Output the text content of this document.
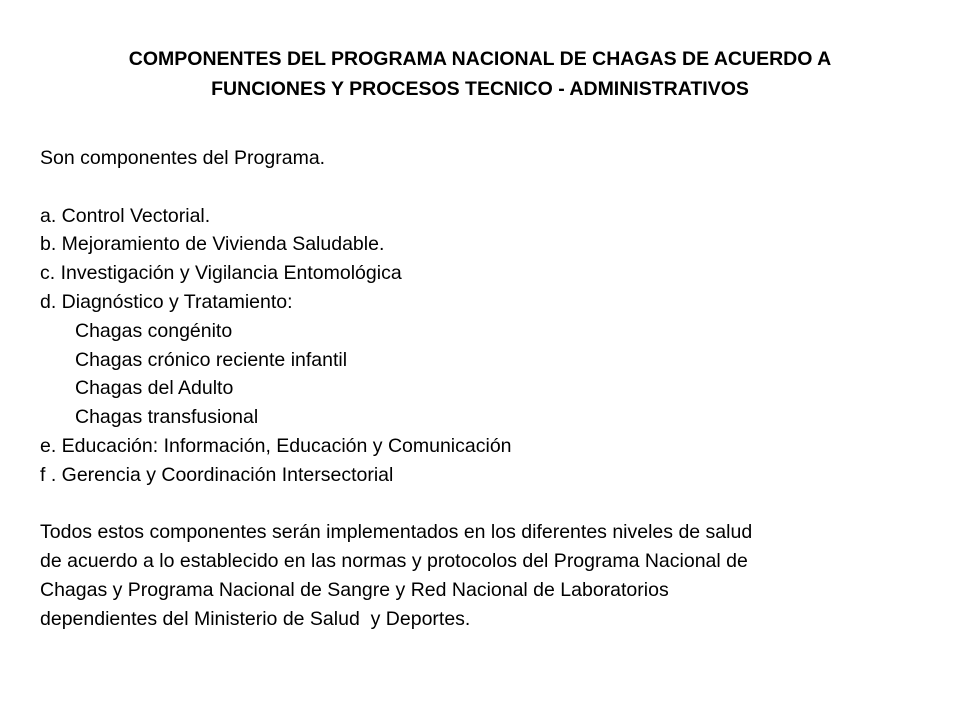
COMPONENTES DEL PROGRAMA NACIONAL DE CHAGAS DE ACUERDO A
FUNCIONES Y PROCESOS TECNICO - ADMINISTRATIVOS
Son componentes del Programa.
a. Control Vectorial.
b. Mejoramiento de Vivienda Saludable.
c. Investigación y Vigilancia Entomológica
d. Diagnóstico y Tratamiento:
Chagas congénito
Chagas crónico reciente infantil
Chagas del Adulto
Chagas transfusional
e. Educación: Información, Educación y Comunicación
f . Gerencia y Coordinación Intersectorial
Todos estos componentes serán implementados en los diferentes niveles de salud
de acuerdo a lo establecido en las normas y protocolos del Programa Nacional de
Chagas y Programa Nacional de Sangre y Red Nacional de Laboratorios
dependientes del Ministerio de Salud  y Deportes.
